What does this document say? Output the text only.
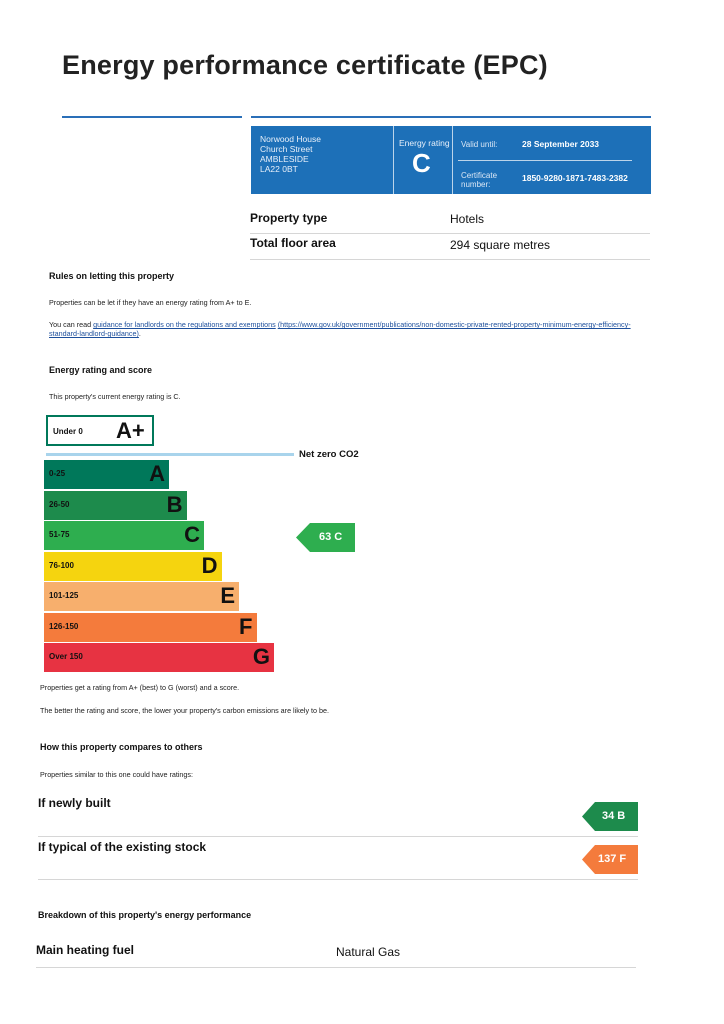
Energy performance certificate (EPC)
Norwood House
Church Street
AMBLESIDE
LA22 0BT
Energy rating
C
Valid until:	28 September 2033
Certificate
number:
1850-9280-1871-7483-2382
Property type	Hotels
Total floor area	294 square metres
Rules on letting this property
Properties can be let if they have an energy rating from A+ to E.
You can read guidance for landlords on the regulations and exemptions (https://www.gov.uk/government/publications/non-domestic-private-rented-property-minimum-energy-efficiency-
standard-landlord-guidance).
Energy rating and score
This property's current energy rating is C.
Under 0 A+
Net zero CO2
0-25	A
26-50	B
51-75	C
76-100	D
101-125	E
126-150	F
Over 150	G
63 C
Properties get a rating from A+ (best) to G (worst) and a score.
The better the rating and score, the lower your property's carbon emissions are likely to be.
How this property compares to others
Properties similar to this one could have ratings:
If newly built
34 B
If typical of the existing stock
137 F
Breakdown of this property's energy performance
Main heating fuel	Natural Gas
